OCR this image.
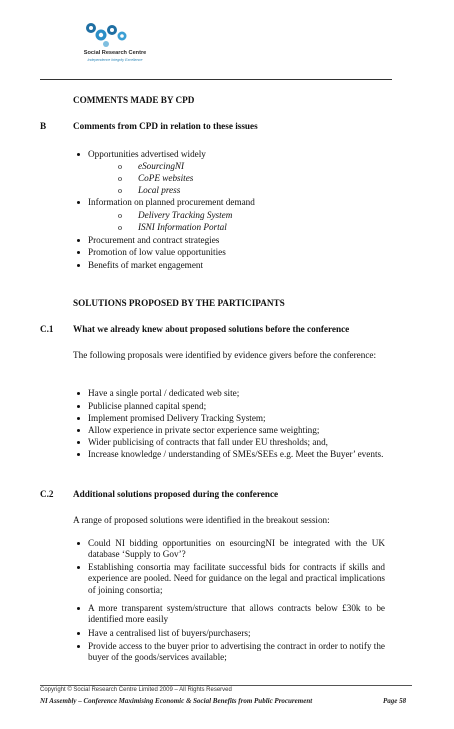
Social Research Centre
Independence Integrity Excellence
COMMENTS MADE BY CPD
B	Comments from CPD in relation to these issues
Opportunities advertised widely
o eSourcingNI
o CoPE websites
o Local press
Information on planned procurement demand
o Delivery Tracking System
o ISNI Information Portal
Procurement and contract strategies
Promotion of low value opportunities
Benefits of market engagement
SOLUTIONS PROPOSED BY THE PARTICIPANTS
C.1 What we already knew about proposed solutions before the conference
The following proposals were identified by evidence givers before the conference:
Have a single portal / dedicated web site;
Publicise planned capital spend;
Implement promised Delivery Tracking System;
Allow experience in private sector experience same weighting;
Wider publicising of contracts that fall under EU thresholds; and,
Increase knowledge / understanding of SMEs/SEEs e.g. Meet the Buyer’ events.
C.2 Additional solutions proposed during the conference
A range of proposed solutions were identified in the breakout session:
Could NI bidding opportunities on esourcingNI be integrated with the UK database ‘Supply to Gov’?
Establishing consortia may facilitate successful bids for contracts if skills and experience are pooled. Need for guidance on the legal and practical implications of joining consortia;
A more transparent system/structure that allows contracts below £30k to be identified more easily
Have a centralised list of buyers/purchasers;
Provide access to the buyer prior to advertising the contract in order to notify the buyer of the goods/services available;
Copyright © Social Research Centre Limited 2009 – All Rights Reserved
NI Assembly – Conference Maximising Economic & Social Benefits from Public Procurement	Page 58
